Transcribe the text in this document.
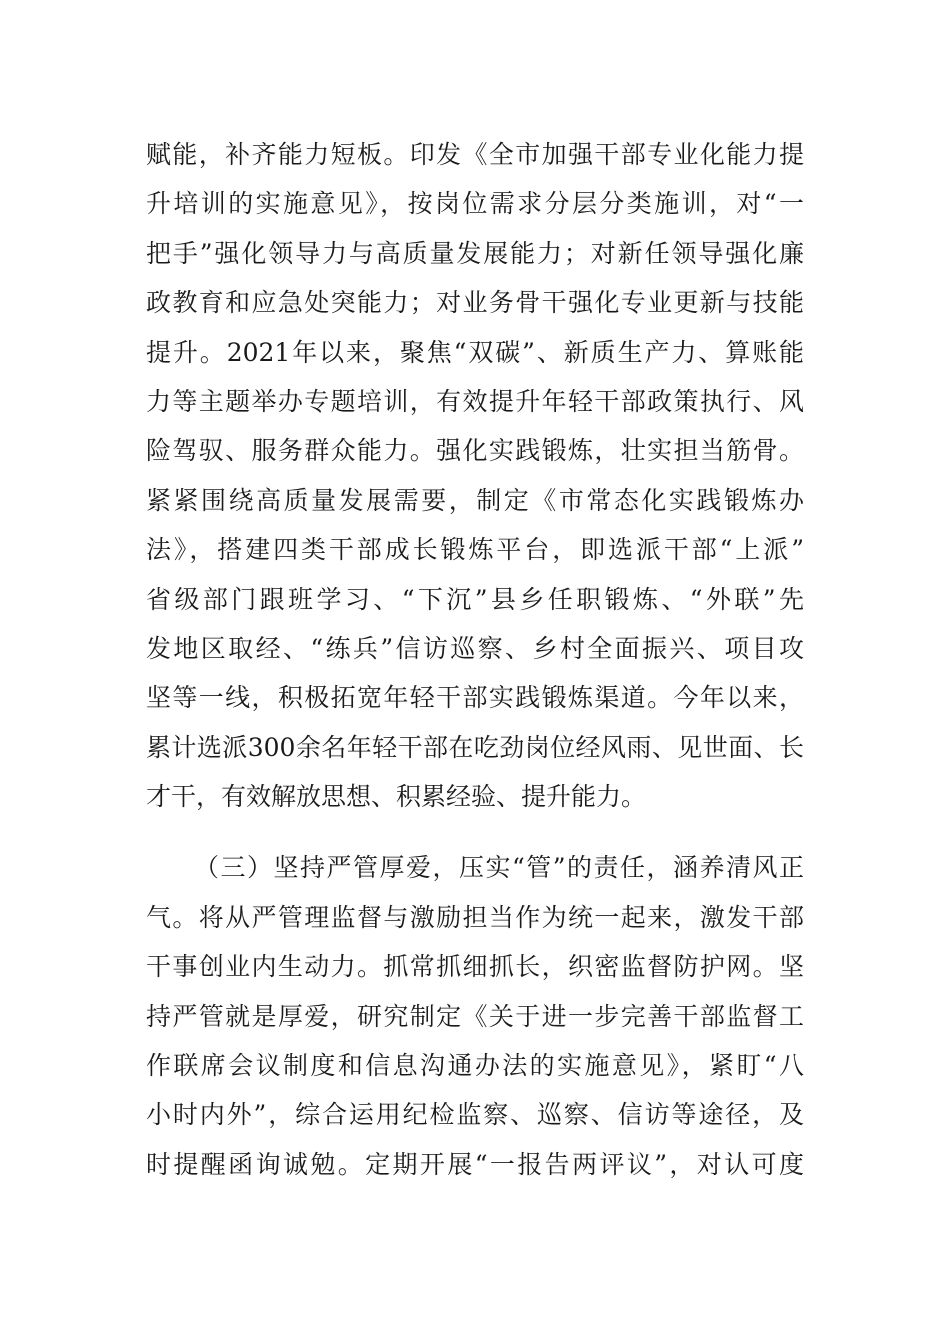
赋能，补齐能力短板。印发《全市加强干部专业化能力提
升培训的实施意见》，按岗位需求分层分类施训，对“一
把手”强化领导力与高质量发展能力；对新任领导强化廉
政教育和应急处突能力；对业务骨干强化专业更新与技能
提升。2021年以来，聚焦“双碳”、新质生产力、算账能
力等主题举办专题培训，有效提升年轻干部政策执行、风
险驾驭、服务群众能力。强化实践锻炼，壮实担当筋骨。
紧紧围绕高质量发展需要，制定《市常态化实践锻炼办
法》，搭建四类干部成长锻炼平台，即选派干部“上派”
省级部门跟班学习、“下沉”县乡任职锻炼、“外联”先
发地区取经、“练兵”信访巡察、乡村全面振兴、项目攻
坚等一线，积极拓宽年轻干部实践锻炼渠道。今年以来，
累计选派300余名年轻干部在吃劲岗位经风雨、见世面、长
才干，有效解放思想、积累经验、提升能力。
（三）坚持严管厚爱，压实“管”的责任，涵养清风正
气。将从严管理监督与激励担当作为统一起来，激发干部
干事创业内生动力。抓常抓细抓长，织密监督防护网。坚
持严管就是厚爱，研究制定《关于进一步完善干部监督工
作联席会议制度和信息沟通办法的实施意见》，紧盯“八
小时内外”，综合运用纪检监察、巡察、信访等途径，及
时提醒函询诚勉。定期开展“一报告两评议”，对认可度
